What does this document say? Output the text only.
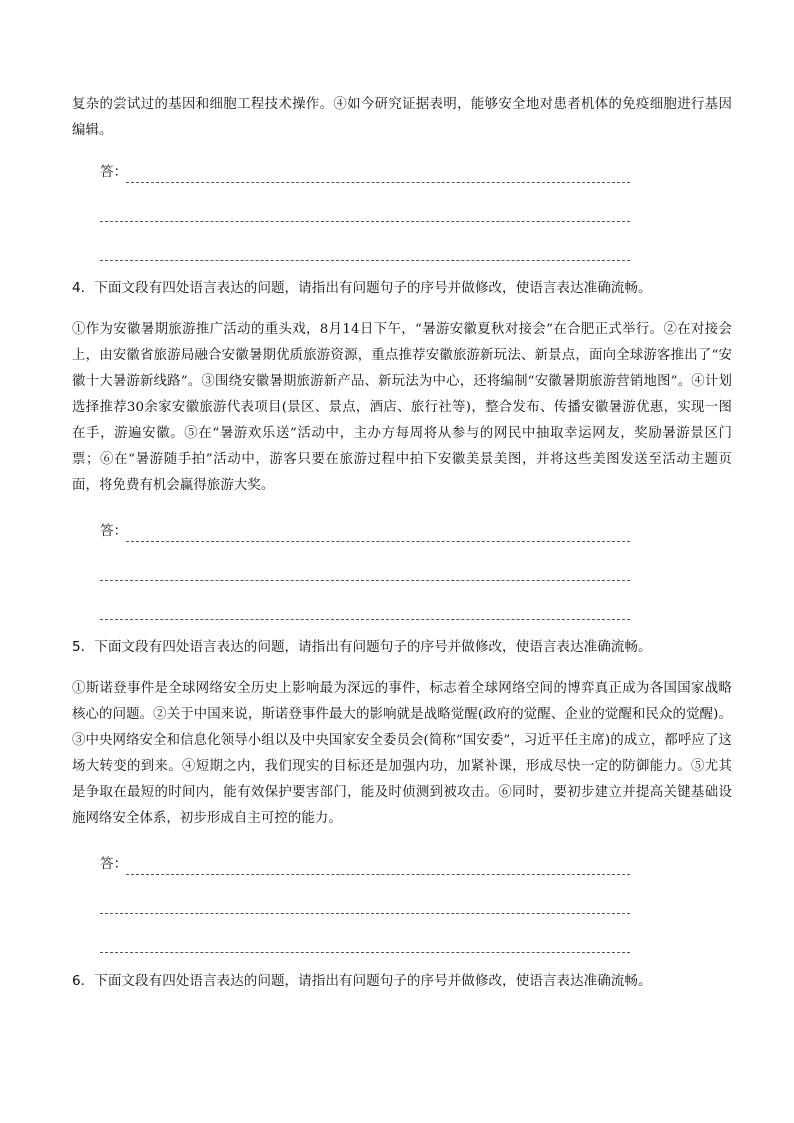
复杂的尝试过的基因和细胞工程技术操作。④如今研究证据表明，能够安全地对患者机体的免疫细胞进行基因编辑。
答：
4．下面文段有四处语言表达的问题，请指出有问题句子的序号并做修改，使语言表达准确流畅。
①作为安徽暑期旅游推广活动的重头戏，8月14日下午，“暑游安徽夏秋对接会”在合肥正式举行。②在对接会上，由安徽省旅游局融合安徽暑期优质旅游资源，重点推荐安徽旅游新玩法、新景点，面向全球游客推出了“安徽十大暑游新线路”。③围绕安徽暑期旅游新产品、新玩法为中心，还将编制“安徽暑期旅游营销地图”。④计划选择推荐30余家安徽旅游代表项目(景区、景点，酒店、旅行社等)，整合发布、传播安徽暑游优惠，实现一图在手，游遍安徽。⑤在“暑游欢乐送”活动中，主办方每周将从参与的网民中抽取幸运网友，奖励暑游景区门票；⑥在“暑游随手拍”活动中，游客只要在旅游过程中拍下安徽美景美图，并将这些美图发送至活动主题页面，将免费有机会赢得旅游大奖。
答：
5．下面文段有四处语言表达的问题，请指出有问题句子的序号并做修改，使语言表达准确流畅。
①斯诺登事件是全球网络安全历史上影响最为深远的事件，标志着全球网络空间的博弈真正成为各国国家战略核心的问题。②关于中国来说，斯诺登事件最大的影响就是战略觉醒(政府的觉醒、企业的觉醒和民众的觉醒)。③中央网络安全和信息化领导小组以及中央国家安全委员会(简称“国安委”，习近平任主席)的成立，都呼应了这场大转变的到来。④短期之内，我们现实的目标还是加强内功，加紧补课，形成尽快一定的防御能力。⑤尤其是争取在最短的时间内，能有效保护要害部门，能及时侦测到被攻击。⑥同时，要初步建立并提高关键基础设施网络安全体系，初步形成自主可控的能力。
答：
6．下面文段有四处语言表达的问题，请指出有问题句子的序号并做修改，使语言表达准确流畅。
